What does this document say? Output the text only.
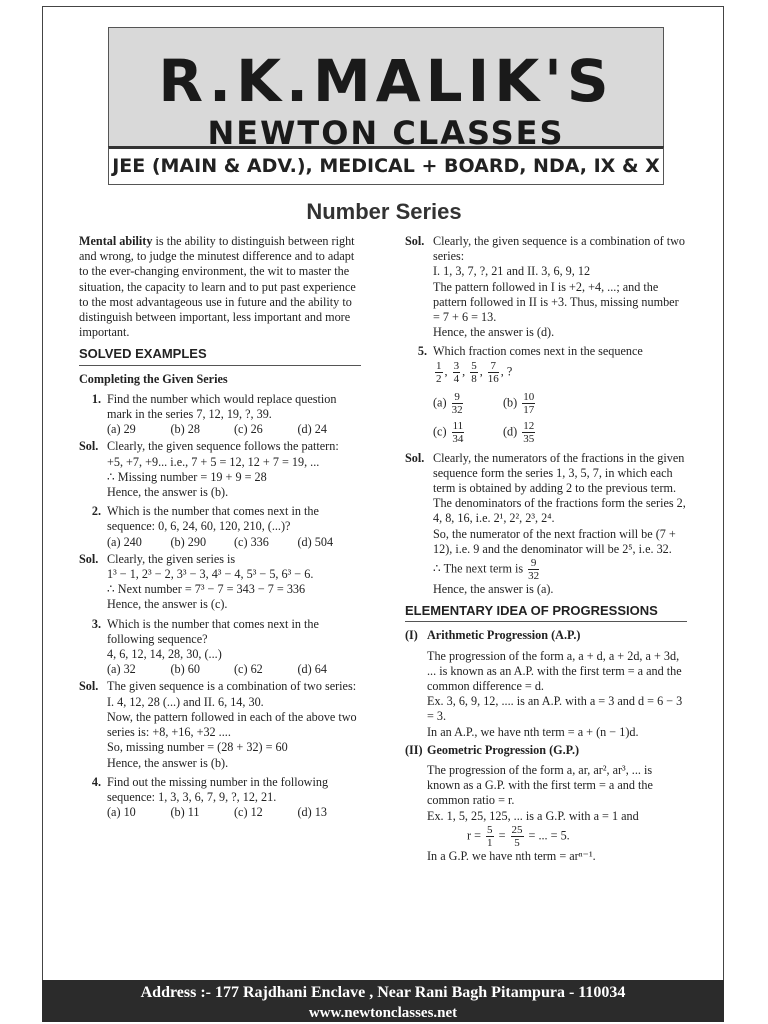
R.K.MALIK'S
NEWTON CLASSES
JEE (MAIN & ADV.), MEDICAL + BOARD, NDA, IX & X
Number Series

Mental ability is the ability to distinguish between right and wrong, to judge the minutest difference and to adapt to the ever-changing environment, the wit to master the situation, the capacity to learn and to put past experience to the most advantageous use in future and the ability to distinguish between important, less important and more important.

SOLVED EXAMPLES
Completing the Given Series
1. Find the number which would replace question mark in the series 7, 12, 19, ?, 39.
(a) 29	(b) 28	(c) 26	(d) 24
Sol. Clearly, the given sequence follows the pattern:
+5, +7, +9... i.e., 7 + 5 = 12, 12 + 7 = 19, ...
∴ Missing number = 19 + 9 = 28
Hence, the answer is (b).
2. Which is the number that comes next in the sequence: 0, 6, 24, 60, 120, 210, (...)?
(a) 240	(b) 290	(c) 336	(d) 504
Sol. Clearly, the given series is
1³ − 1, 2³ − 2, 3³ − 3, 4³ − 4, 5³ − 5, 6³ − 6.
∴ Next number = 7³ − 7 = 343 − 7 = 336
Hence, the answer is (c).
3. Which is the number that comes next in the following sequence?
4, 6, 12, 14, 28, 30, (...)
(a) 32	(b) 60	(c) 62	(d) 64
Sol. The given sequence is a combination of two series:
I. 4, 12, 28 (...) and II. 6, 14, 30.
Now, the pattern followed in each of the above two series is: +8, +16, +32 ....
So, missing number = (28 + 32) = 60
Hence, the answer is (b).
4. Find out the missing number in the following sequence: 1, 3, 3, 6, 7, 9, ?, 12, 21.
(a) 10	(b) 11	(c) 12	(d) 13
Sol. Clearly, the given sequence is a combination of two series:
I. 1, 3, 7, ?, 21 and II. 3, 6, 9, 12
The pattern followed in I is +2, +4, ...; and the pattern followed in II is +3. Thus, missing number = 7 + 6 = 13.
Hence, the answer is (d).
5. Which fraction comes next in the sequence
$\frac{1}{2}$ , $\frac{3}{4}$ , $\frac{5}{8}$ , $\frac{7}{16}$ , ?
$(a) \frac{9}{32}$	$(b) \frac{10}{17}$
$(c) \frac{11}{34}$	$(d) \frac{12}{35}$
Sol. Clearly, the numerators of the fractions in the given sequence form the series 1, 3, 5, 7, in which each term is obtained by adding 2 to the previous term. The denominators of the fractions form the series 2, 4, 8, 16, i.e. 2¹, 2², 2³, 2⁴.
So, the numerator of the next fraction will be (7 + 12), i.e. 9 and the denominator will be 2⁵, i.e. 32.
∴ The next term is $\frac{9}{32}$
Hence, the answer is (a).
ELEMENTARY IDEA OF PROGRESSIONS
(I) Arithmetic Progression (A.P.)
The progression of the form a, a + d, a + 2d, a + 3d, ... is known as an A.P. with the first term = a and the common difference = d.
Ex. 3, 6, 9, 12, .... is an A.P. with a = 3 and d = 6 − 3 = 3.
In an A.P., we have nth term = a + (n − 1)d.
(II) Geometric Progression (G.P.)
The progression of the form a, ar, ar², ar³, ... is known as a G.P. with the first term = a and the common ratio = r.
Ex. 1, 5, 25, 125, ... is a G.P. with a = 1 and
$r = \frac{5}{1} = \frac{25}{5}$ = ... = 5.
In a G.P. we have nth term = arⁿ⁻¹.
Address :- 177 Rajdhani Enclave , Near Rani Bagh Pitampura - 110034
www.newtonclasses.net
